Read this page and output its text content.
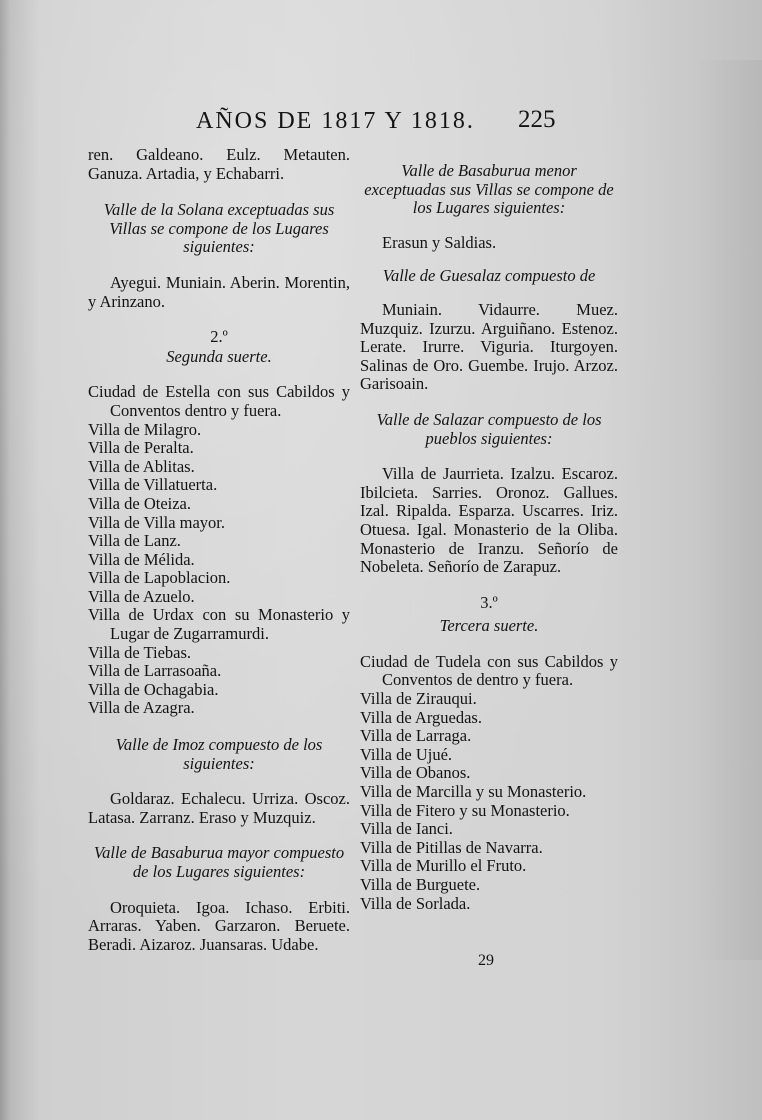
AÑOS DE 1817 Y 1818. 225

ren. Galdeano. Eulz. Metauten. Ganuza. Artadia, y Echabarri.

Valle de la Solana exceptuadas sus Villas se compone de los Lugares siguientes:

Ayegui. Muniain. Aberin. Morentin, y Arinzano.

2.º

Segunda suerte.

Ciudad de Estella con sus Cabildos y Conventos dentro y fuera.

Villa de Milagro.
Villa de Peralta.
Villa de Ablitas.
Villa de Villatuerta.
Villa de Oteiza.
Villa de Villa mayor.
Villa de Lanz.
Villa de Mélida.
Villa de Lapoblacion.
Villa de Azuelo.

Villa de Urdax con su Monasterio y Lugar de Zugarramurdi.

Villa de Tiebas.
Villa de Larrasoaña.
Villa de Ochagabia.
Villa de Azagra.

Valle de Imoz compuesto de los siguientes:

Goldaraz. Echalecu. Urriza. Oscoz. Latasa. Zarranz. Eraso y Muzquiz.

Valle de Basaburua mayor compuesto de los Lugares siguientes:

Oroquieta. Igoa. Ichaso. Erbiti. Arraras. Yaben. Garzaron. Beruete. Beradi. Aizaroz. Juansaras. Udabe.

Valle de Basaburua menor exceptuadas sus Villas se compone de los Lugares siguientes:

Erasun y Saldias.

Valle de Guesalaz compuesto de

Muniain. Vidaurre. Muez. Muzquiz. Izurzu. Arguiñano. Estenoz. Lerate. Irurre. Viguria. Iturgoyen. Salinas de Oro. Guembe. Irujo. Arzoz. Garisoain.

Valle de Salazar compuesto de los pueblos siguientes:

Villa de Jaurrieta. Izalzu. Escaroz. Ibilcieta. Sarries. Oronoz. Gallues. Izal. Ripalda. Esparza. Uscarres. Iriz. Otuesa. Igal. Monasterio de la Oliba. Monasterio de Iranzu. Señorío de Nobeleta. Señorío de Zarapuz.

3.º

Tercera suerte.

Ciudad de Tudela con sus Cabildos y Conventos de dentro y fuera.

Villa de Zirauqui.
Villa de Arguedas.
Villa de Larraga.
Villa de Ujué.
Villa de Obanos.
Villa de Marcilla y su Monasterio.
Villa de Fitero y su Monasterio.
Villa de Ianci.
Villa de Pitillas de Navarra.
Villa de Murillo el Fruto.
Villa de Burguete.
Villa de Sorlada.
29
